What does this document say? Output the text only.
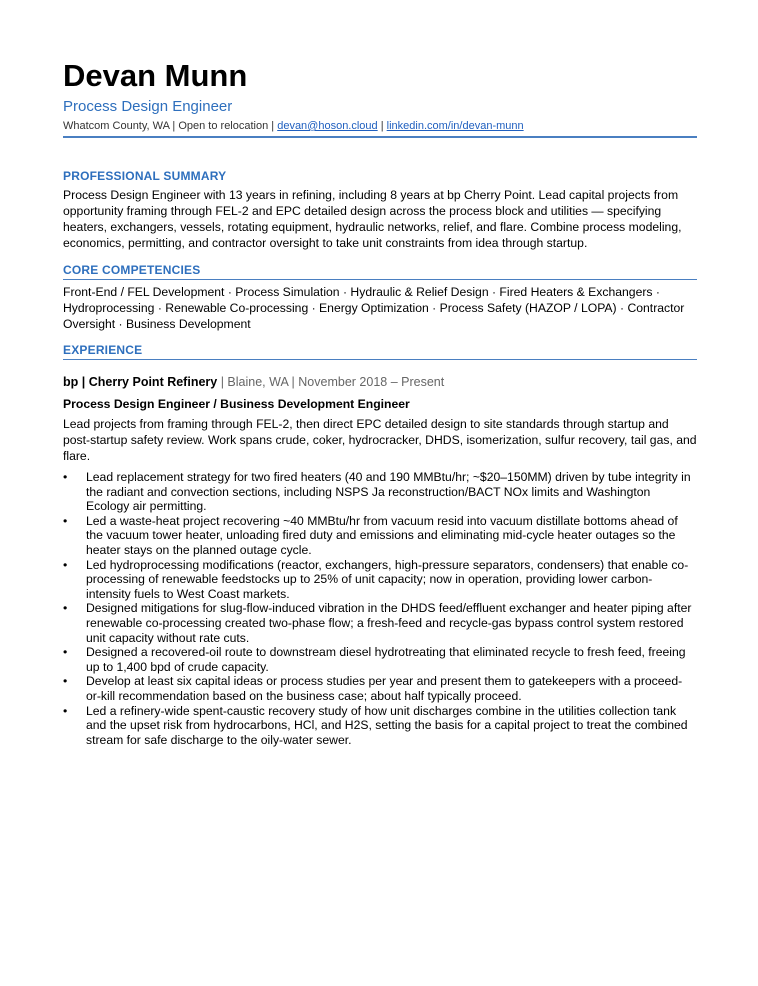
Devan Munn
Process Design Engineer
Whatcom County, WA | Open to relocation | devan@hoson.cloud | linkedin.com/in/devan-munn
PROFESSIONAL SUMMARY
Process Design Engineer with 13 years in refining, including 8 years at bp Cherry Point. Lead capital projects from opportunity framing through FEL-2 and EPC detailed design across the process block and utilities — specifying heaters, exchangers, vessels, rotating equipment, hydraulic networks, relief, and flare. Combine process modeling, economics, permitting, and contractor oversight to take unit constraints from idea through startup.
CORE COMPETENCIES
Front-End / FEL Development · Process Simulation · Hydraulic & Relief Design · Fired Heaters & Exchangers · Hydroprocessing · Renewable Co-processing · Energy Optimization · Process Safety (HAZOP / LOPA) · Contractor Oversight · Business Development
EXPERIENCE
bp | Cherry Point Refinery | Blaine, WA | November 2018 – Present
Process Design Engineer / Business Development Engineer
Lead projects from framing through FEL-2, then direct EPC detailed design to site standards through startup and post-startup safety review. Work spans crude, coker, hydrocracker, DHDS, isomerization, sulfur recovery, tail gas, and flare.
•	Lead replacement strategy for two fired heaters (40 and 190 MMBtu/hr; ~$20–150MM) driven by tube integrity in the radiant and convection sections, including NSPS Ja reconstruction/BACT NOx limits and Washington Ecology air permitting.
•	Led a waste-heat project recovering ~40 MMBtu/hr from vacuum resid into vacuum distillate bottoms ahead of the vacuum tower heater, unloading fired duty and emissions and eliminating mid-cycle heater outages so the heater stays on the planned outage cycle.
•	Led hydroprocessing modifications (reactor, exchangers, high-pressure separators, condensers) that enable co-processing of renewable feedstocks up to 25% of unit capacity; now in operation, providing lower carbon-intensity fuels to West Coast markets.
•	Designed mitigations for slug-flow-induced vibration in the DHDS feed/effluent exchanger and heater piping after renewable co-processing created two-phase flow; a fresh-feed and recycle-gas bypass control system restored unit capacity without rate cuts.
•	Designed a recovered-oil route to downstream diesel hydrotreating that eliminated recycle to fresh feed, freeing up to 1,400 bpd of crude capacity.
•	Develop at least six capital ideas or process studies per year and present them to gatekeepers with a proceed-or-kill recommendation based on the business case; about half typically proceed.
•	Led a refinery-wide spent-caustic recovery study of how unit discharges combine in the utilities collection tank and the upset risk from hydrocarbons, HCl, and H2S, setting the basis for a capital project to treat the combined stream for safe discharge to the oily-water sewer.
